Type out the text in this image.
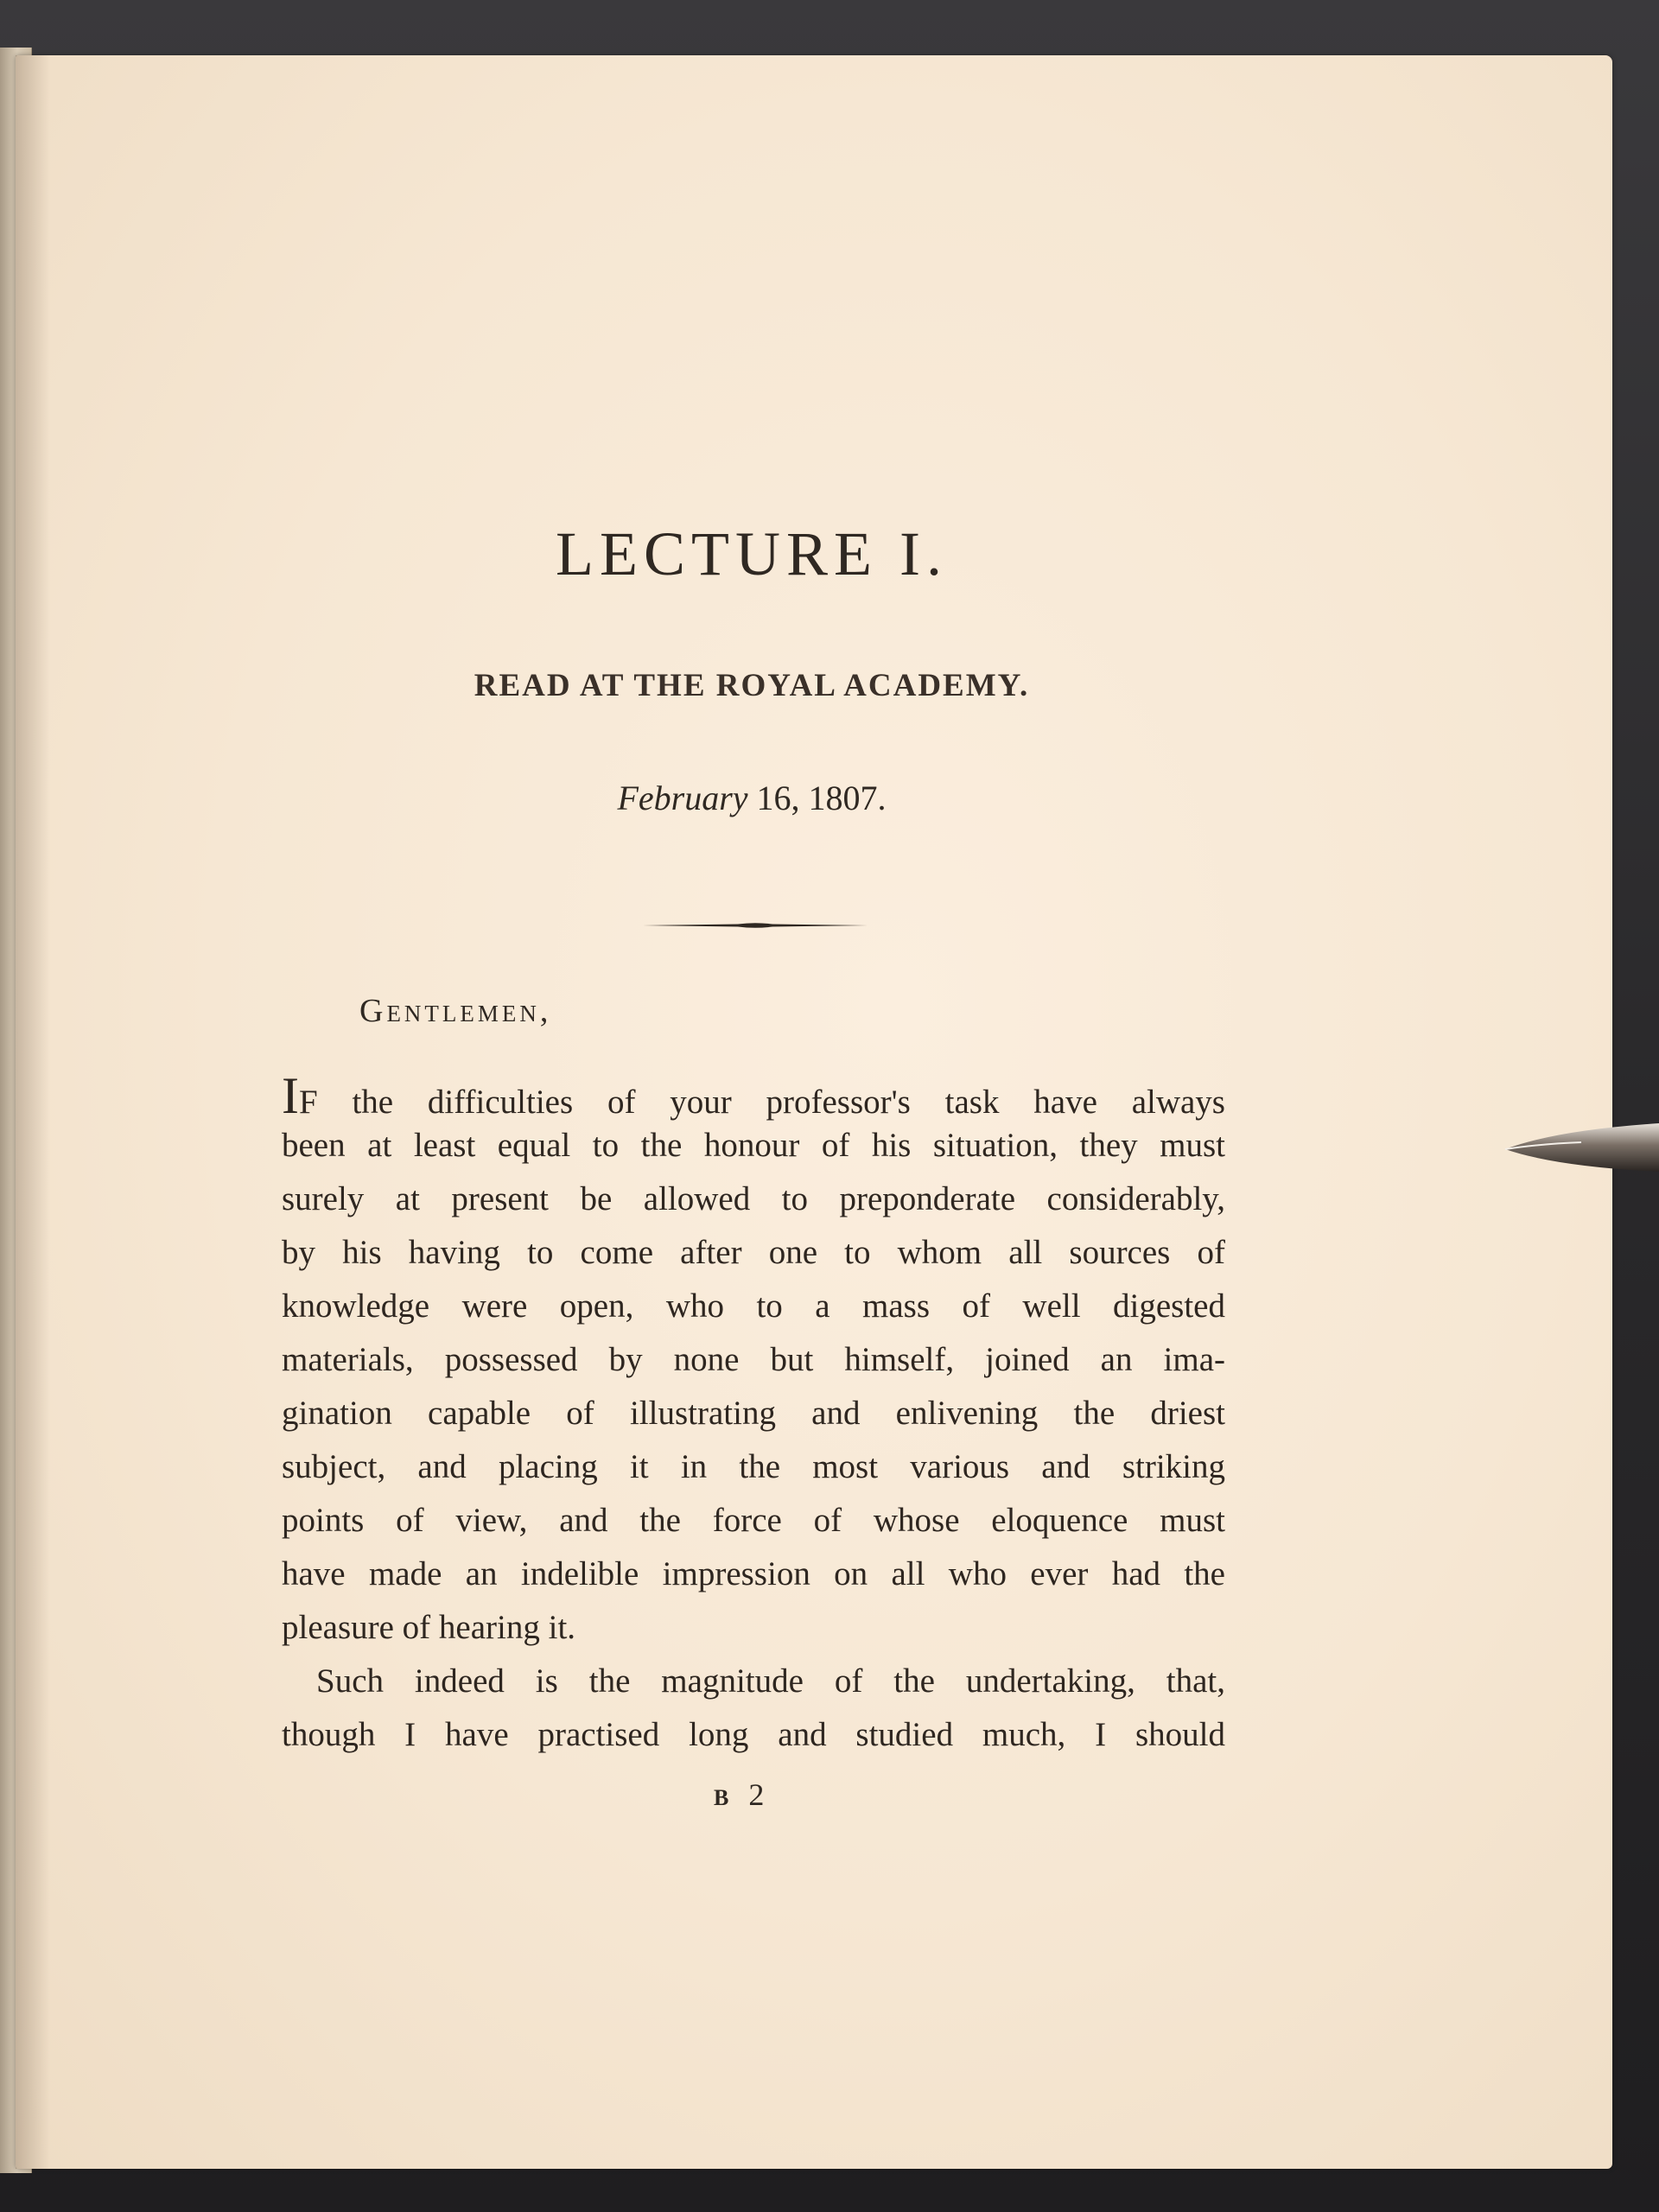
LECTURE I.
READ AT THE ROYAL ACADEMY.
February 16, 1807.
Gentlemen,
IF the difficulties of your professor's task have always
been at least equal to the honour of his situation, they must
surely at present be allowed to preponderate considerably,
by his having to come after one to whom all sources of
knowledge were open, who to a mass of well digested
materials, possessed by none but himself, joined an ima-
gination capable of illustrating and enlivening the driest
subject, and placing it in the most various and striking
points of view, and the force of whose eloquence must
have made an indelible impression on all who ever had the
pleasure of hearing it.
Such indeed is the magnitude of the undertaking, that,
though I have practised long and studied much, I should
B 2
